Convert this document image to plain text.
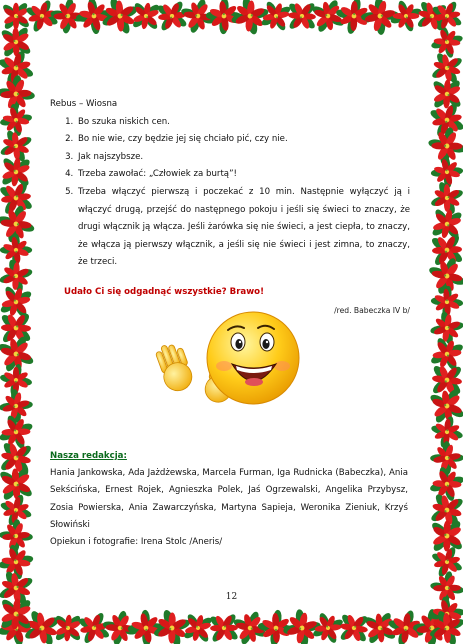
Rebus – Wiosna

1. Bo szuka niskich cen.
2. Bo nie wie, czy będzie jej się chciało pić, czy nie.
3. Jak najszybsze.
4. Trzeba zawołać: „Człowiek za burtą”!
5. Trzeba włączyć pierwszą i poczekać z 10 min. Następnie wyłączyć ją i włączyć drugą, przejść do następnego pokoju i jeśli się świeci to znaczy, że drugi włącznik ją włącza. Jeśli żarówka się nie świeci, a jest ciepła, to znaczy, że włącza ją pierwszy włącznik, a jeśli się nie świeci i jest zimna, to znaczy, że trzeci.
Udało Ci się odgadnąć wszystkie? Brawo!
/red. Babeczka IV b/
Nasza redakcja:

Hania Jankowska, Ada Jażdżewska, Marcela Furman, Iga Rudnicka (Babeczka), Ania Sekścińska, Ernest Rojek, Agnieszka Polek, Jaś Ogrzewalski, Angelika Przybysz, Zosia Powierska, Ania Zawarczyńska, Martyna Sapieja, Weronika Zieniuk, Krzyś Słowiński

Opiekun i fotografie: Irena Stolc /Aneris/

12
